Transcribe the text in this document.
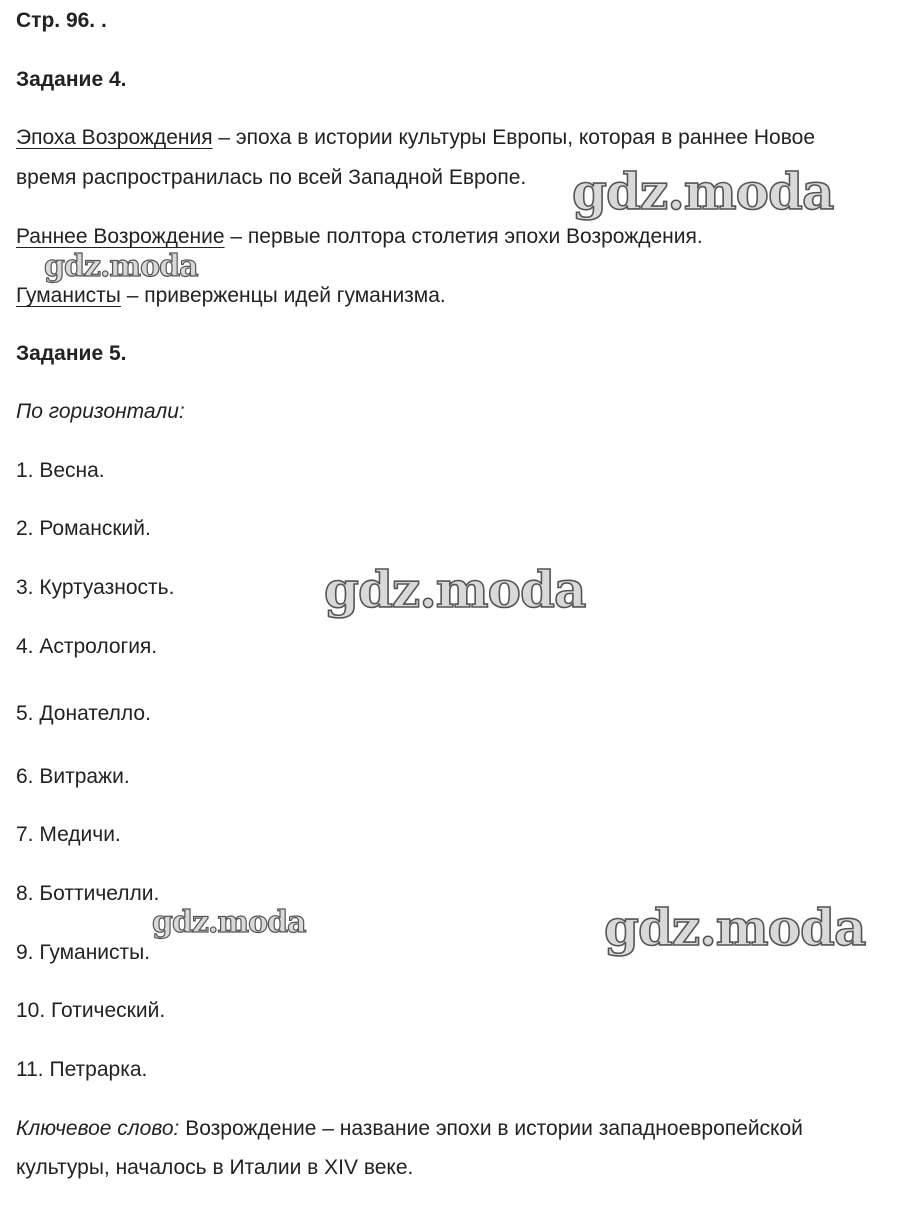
Стр. 96. .
Задание 4.
Эпоха Возрождения – эпоха в истории культуры Европы, которая в раннее Новое
время распространилась по всей Западной Европе.
Раннее Возрождение – первые полтора столетия эпохи Возрождения.
Гуманисты – приверженцы идей гуманизма.
Задание 5.
По горизонтали:
1. Весна.
2. Романский.
3. Куртуазность.
4. Астрология.
5. Донателло.
6. Витражи.
7. Медичи.
8. Боттичелли.
9. Гуманисты.
10. Готический.
11. Петрарка.
Ключевое слово: Возрождение – название эпохи в истории западноевропейской
культуры, началось в Италии в XIV веке.
gdz.moda
gdz.moda
gdz.moda
gdz.moda	gdz.moda
